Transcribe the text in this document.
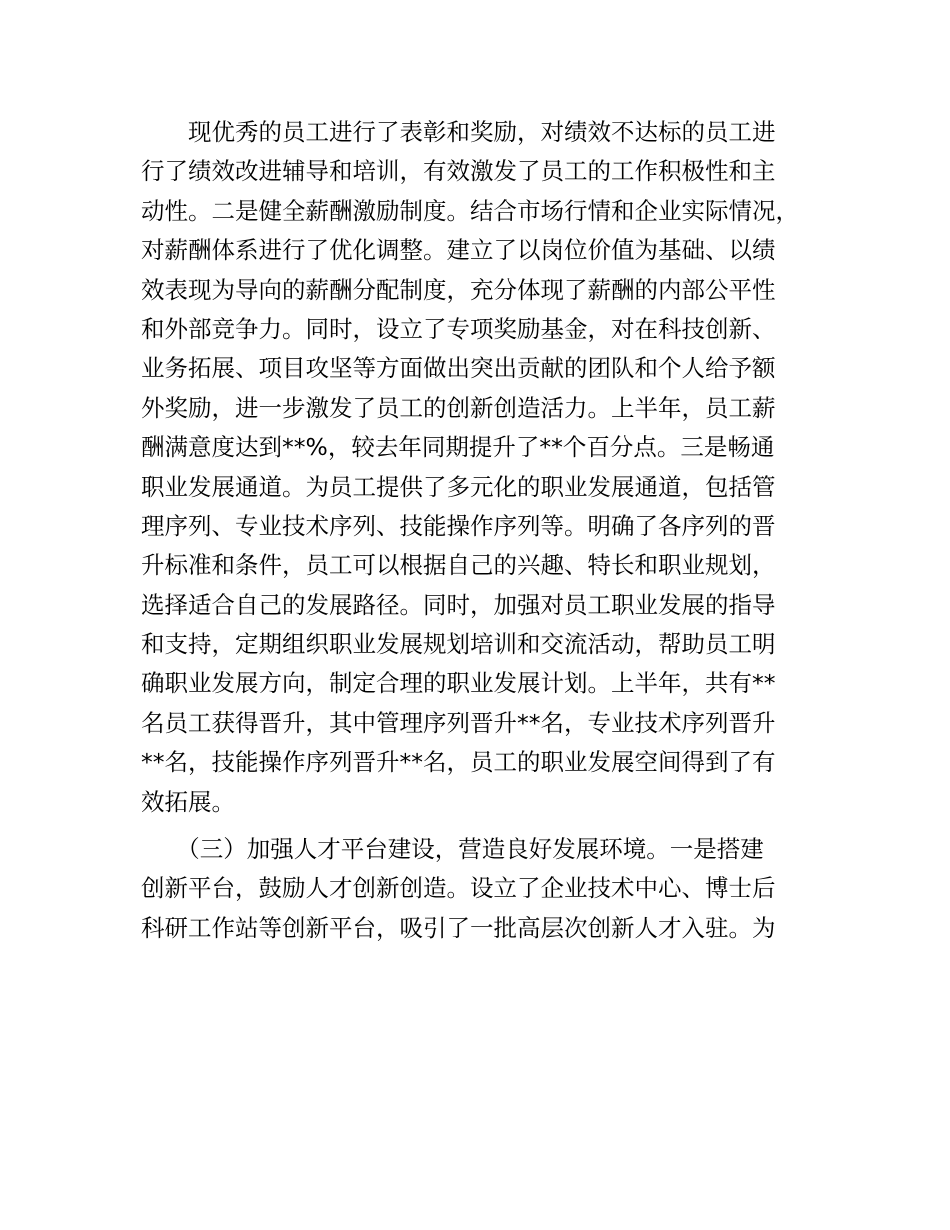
　　现优秀的员工进行了表彰和奖励，对绩效不达标的员工进
行了绩效改进辅导和培训，有效激发了员工的工作积极性和主
动性。二是健全薪酬激励制度。结合市场行情和企业实际情况，
对薪酬体系进行了优化调整。建立了以岗位价值为基础、以绩
效表现为导向的薪酬分配制度，充分体现了薪酬的内部公平性
和外部竞争力。同时，设立了专项奖励基金，对在科技创新、
业务拓展、项目攻坚等方面做出突出贡献的团队和个人给予额
外奖励，进一步激发了员工的创新创造活力。上半年，员工薪
酬满意度达到**%，较去年同期提升了**个百分点。三是畅通
职业发展通道。为员工提供了多元化的职业发展通道，包括管
理序列、专业技术序列、技能操作序列等。明确了各序列的晋
升标准和条件，员工可以根据自己的兴趣、特长和职业规划，
选择适合自己的发展路径。同时，加强对员工职业发展的指导
和支持，定期组织职业发展规划培训和交流活动，帮助员工明
确职业发展方向，制定合理的职业发展计划。上半年，共有**
名员工获得晋升，其中管理序列晋升**名，专业技术序列晋升
**名，技能操作序列晋升**名，员工的职业发展空间得到了有
效拓展。

　　（三）加强人才平台建设，营造良好发展环境。一是搭建
创新平台，鼓励人才创新创造。设立了企业技术中心、博士后
科研工作站等创新平台，吸引了一批高层次创新人才入驻。为
